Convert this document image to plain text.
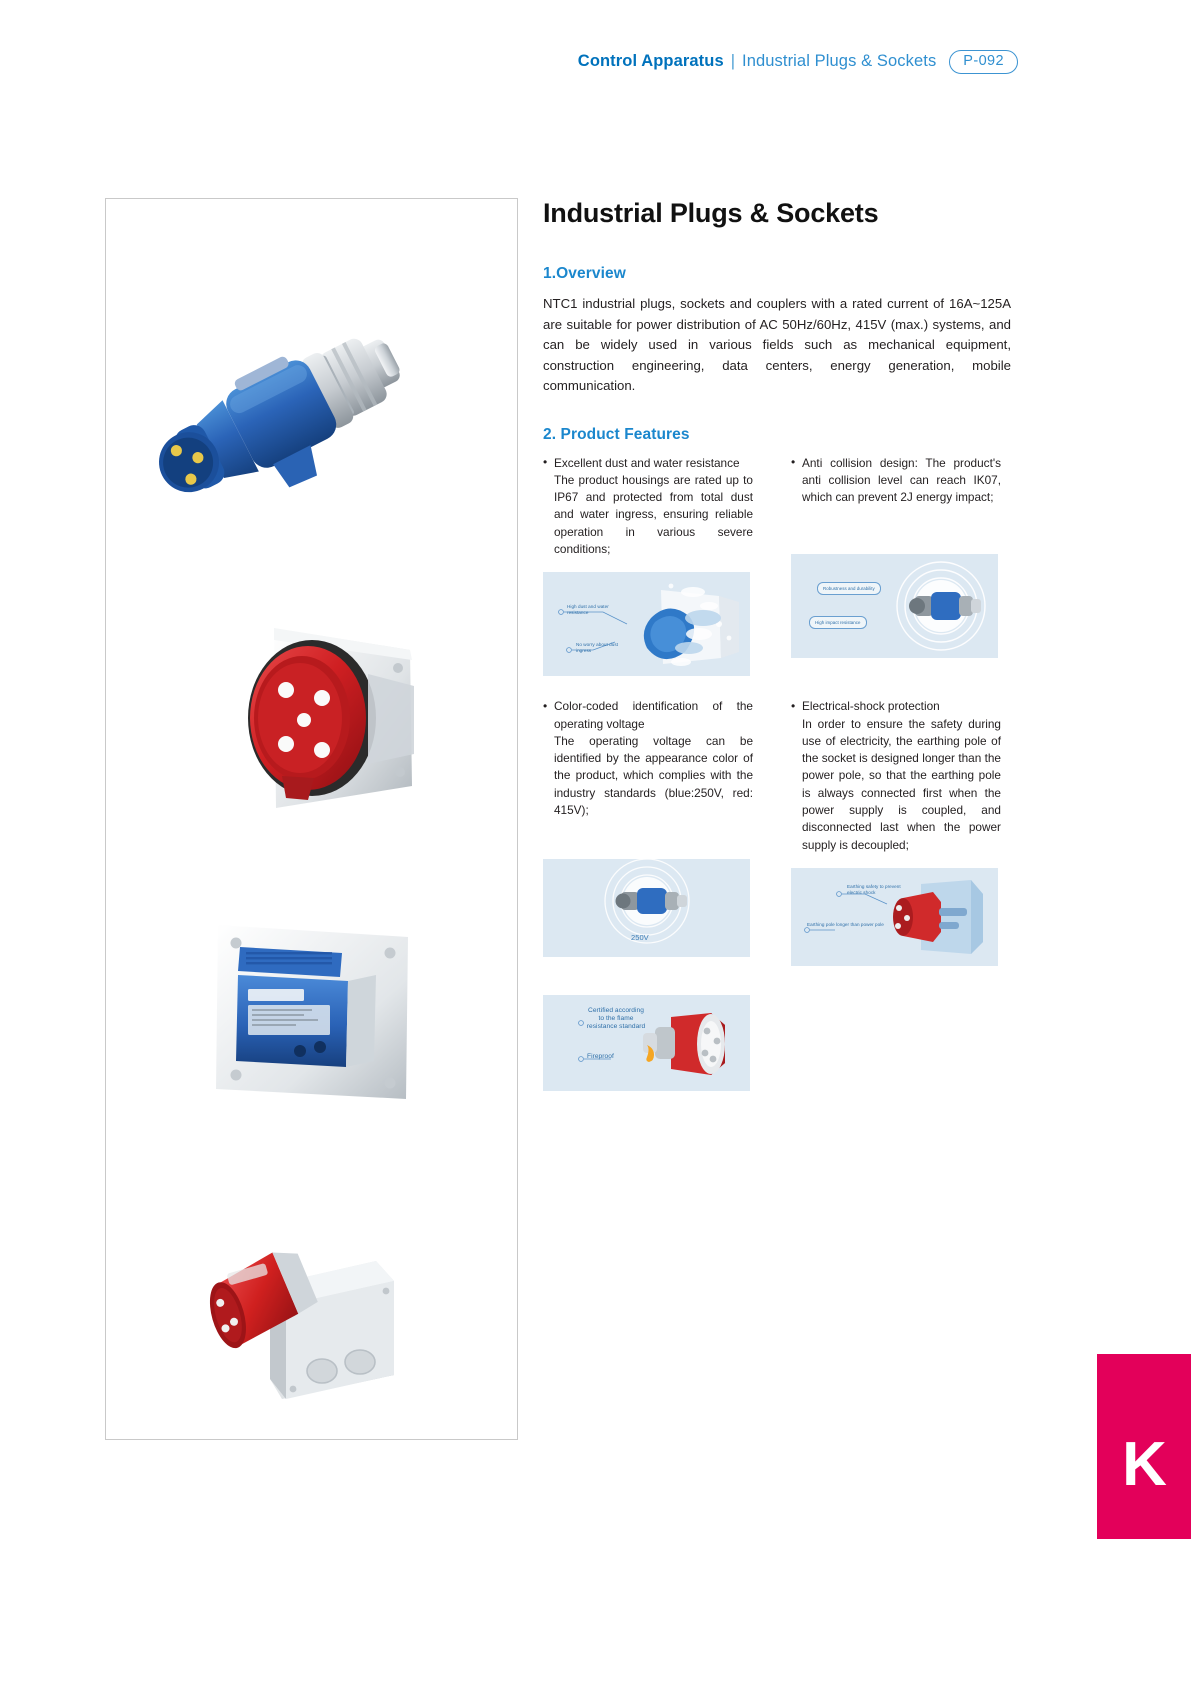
Control Apparatus | Industrial Plugs & Sockets	P-092
Industrial Plugs & Sockets
1.Overview

NTC1 industrial plugs, sockets and couplers with a rated current of 16A~125A are suitable for power distribution of AC 50Hz/60Hz, 415V (max.) systems, and can be widely used in various fields such as mechanical equipment, construction engineering, data centers, energy generation, mobile communication.

2. Product Features
• Excellent dust and water resistance
The product housings are rated up to IP67 and protected from total dust and water ingress, ensuring reliable operation in various severe conditions;
High dust and water resistance
No worry about dust ingress
• Anti collision design: The product's anti collision level can reach IK07, which can prevent 2J energy impact;
Robustness and durability
High impact resistance
• Color-coded identification of the operating voltage
The operating voltage can be identified by the appearance color of the product, which complies with the industry standards (blue:250V, red: 415V);
250V
Certified according to the flame resistance standard
Fireproof
• Electrical-shock protection
In order to ensure the safety during use of electricity, the earthing pole of the socket is designed longer than the power pole, so that the earthing pole is always connected first when the power supply is coupled, and disconnected last when the power supply is decoupled;
Earthing safety to prevent electric shock
Earthing pole longer than power pole
K
